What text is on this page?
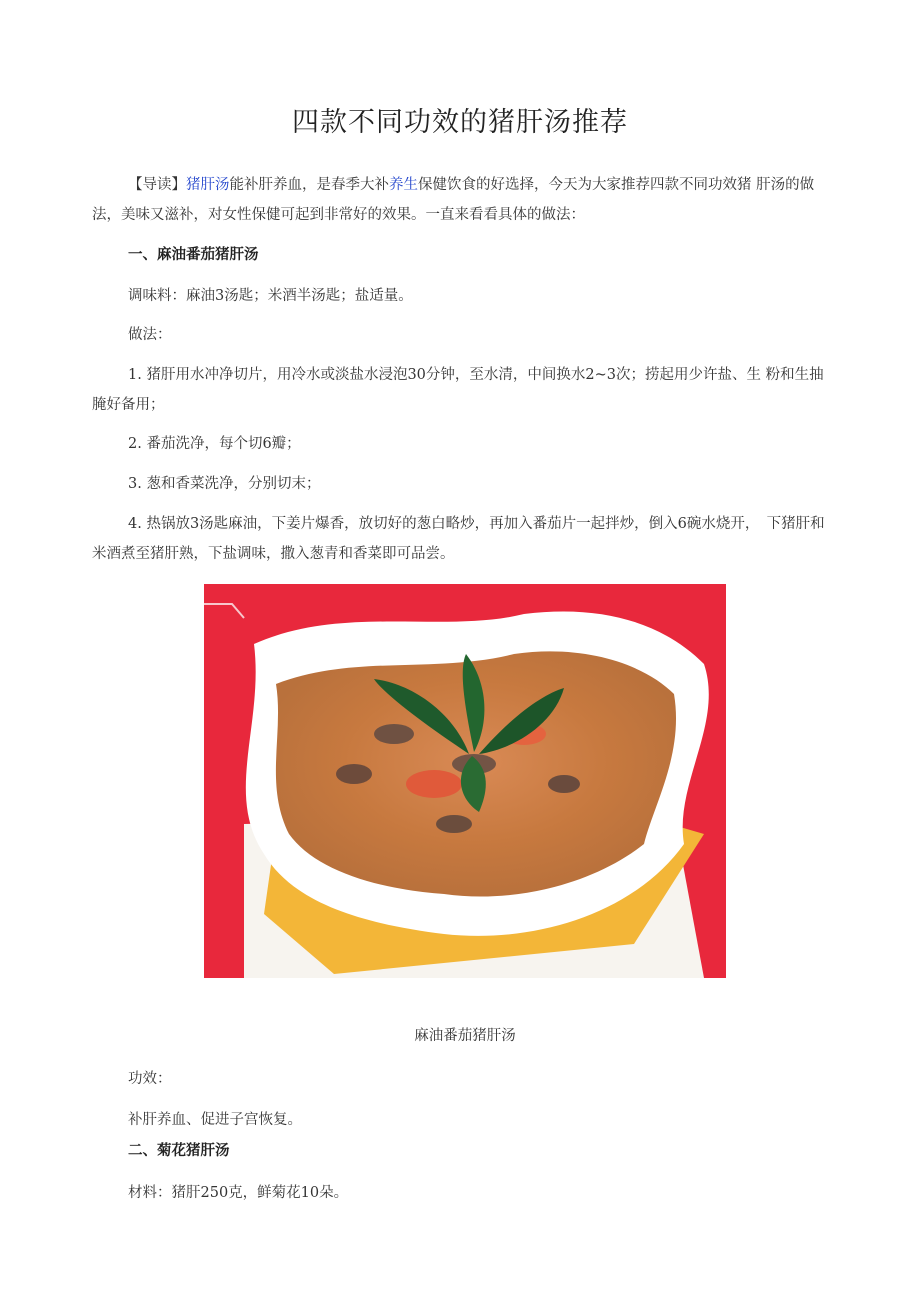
四款不同功效的猪肝汤推荐

【导读】猪肝汤能补肝养血，是春季大补养生保健饮食的好选择，今天为大家推荐四款不同功效猪 肝汤的做法，美味又滋补，对女性保健可起到非常好的效果。一直来看看具体的做法：

一、麻油番茄猪肝汤

调味料：麻油3汤匙；米酒半汤匙；盐适量。

做法：

1. 猪肝用水冲净切片，用冷水或淡盐水浸泡30分钟，至水清，中间换水2~3次；捞起用少许盐、生 粉和生抽腌好备用；

2. 番茄洗净，每个切6瓣；

3. 葱和香菜洗净，分别切末；

4. 热锅放3汤匙麻油，下姜片爆香，放切好的葱白略炒，再加入番茄片一起拌炒，倒入6碗水烧开，　下猪肝和米酒煮至猪肝熟，下盐调味，撒入葱青和香菜即可品尝。

麻油番茄猪肝汤

功效：

补肝养血、促进子宫恢复。

二、菊花猪肝汤

材料：猪肝250克，鲜菊花10朵。
